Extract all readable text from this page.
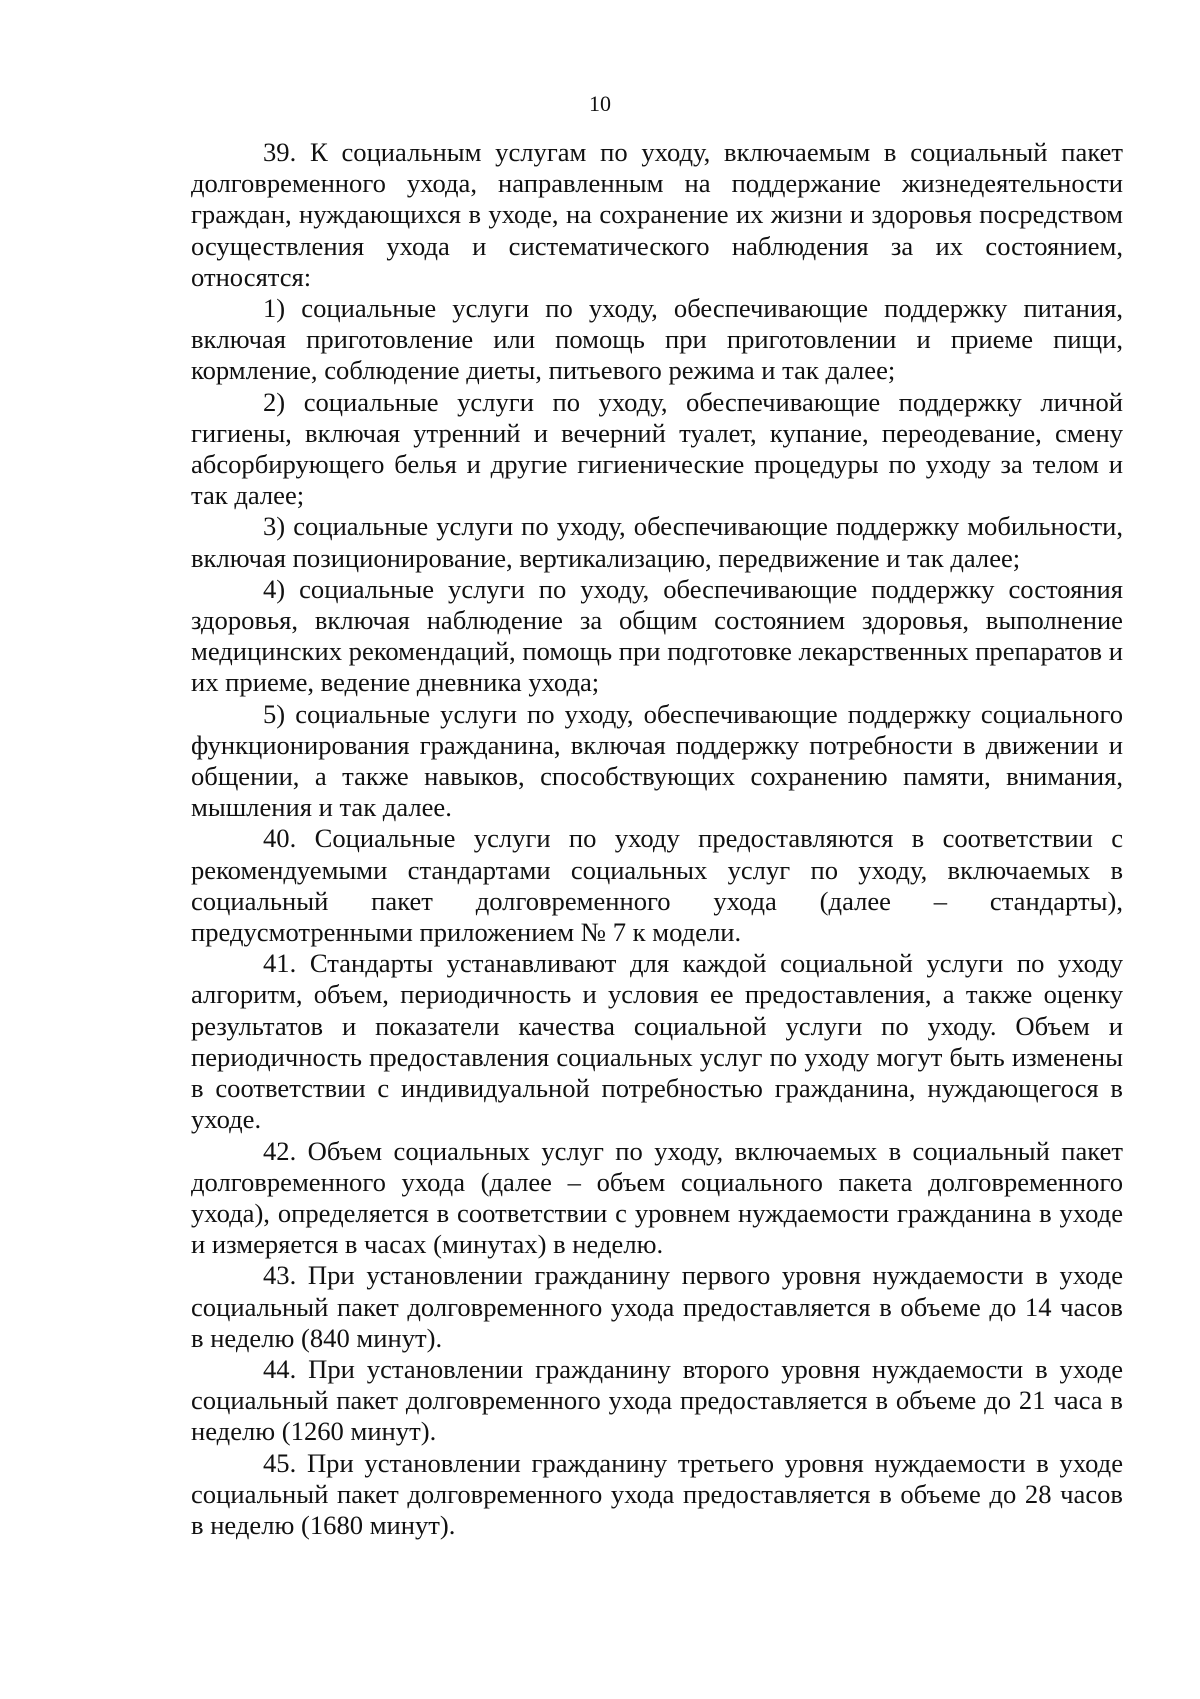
10

39. К социальным услугам по уходу, включаемым в социальный пакет долговременного ухода, направленным на поддержание жизнедеятельности граждан, нуждающихся в уходе, на сохранение их жизни и здоровья посредством осуществления ухода и систематического наблюдения за их состоянием, относятся:

1) социальные услуги по уходу, обеспечивающие поддержку питания, включая приготовление или помощь при приготовлении и приеме пищи, кормление, соблюдение диеты, питьевого режима и так далее;

2) социальные услуги по уходу, обеспечивающие поддержку личной гигиены, включая утренний и вечерний туалет, купание, переодевание, смену абсорбирующего белья и другие гигиенические процедуры по уходу за телом и так далее;

3) социальные услуги по уходу, обеспечивающие поддержку мобильности, включая позиционирование, вертикализацию, передвижение и так далее;

4) социальные услуги по уходу, обеспечивающие поддержку состояния здоровья, включая наблюдение за общим состоянием здоровья, выполнение медицинских рекомендаций, помощь при подготовке лекарственных препаратов и их приеме, ведение дневника ухода;

5) социальные услуги по уходу, обеспечивающие поддержку социального функционирования гражданина, включая поддержку потребности в движении и общении, а также навыков, способствующих сохранению памяти, внимания, мышления и так далее.

40. Социальные услуги по уходу предоставляются в соответствии с рекомендуемыми стандартами социальных услуг по уходу, включаемых в социальный пакет долговременного ухода (далее – стандарты), предусмотренными приложением № 7 к модели.

41. Стандарты устанавливают для каждой социальной услуги по уходу алгоритм, объем, периодичность и условия ее предоставления, а также оценку результатов и показатели качества социальной услуги по уходу. Объем и периодичность предоставления социальных услуг по уходу могут быть изменены в соответствии с индивидуальной потребностью гражданина, нуждающегося в уходе.

42. Объем социальных услуг по уходу, включаемых в социальный пакет долговременного ухода (далее – объем социального пакета долговременного ухода), определяется в соответствии с уровнем нуждаемости гражданина в уходе и измеряется в часах (минутах) в неделю.

43. При установлении гражданину первого уровня нуждаемости в уходе социальный пакет долговременного ухода предоставляется в объеме до 14 часов в неделю (840 минут).

44. При установлении гражданину второго уровня нуждаемости в уходе социальный пакет долговременного ухода предоставляется в объеме до 21 часа в неделю (1260 минут).

45. При установлении гражданину третьего уровня нуждаемости в уходе социальный пакет долговременного ухода предоставляется в объеме до 28 часов в неделю (1680 минут).
